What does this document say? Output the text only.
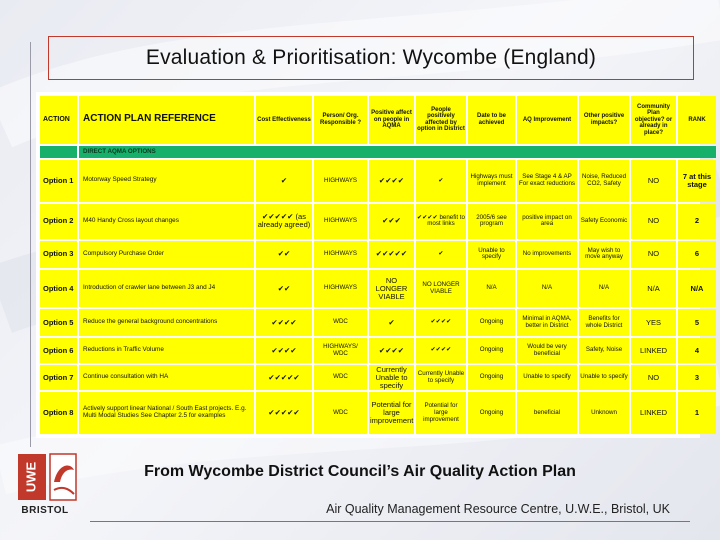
Evaluation & Prioritisation: Wycombe (England)
ACTION	ACTION PLAN REFERENCE	Cost Effectiveness	Person/ Org. Responsible ?	Positive affect on people in AQMA	People positively affected by option in District	Date to be achieved	AQ Improvement	Other positive impacts?	Community Plan objective? or already in place?	RANK
	DIRECT AQMA OPTIONS									
Option 1	Motorway Speed Strategy	✔	HIGHWAYS	✔✔✔✔	✔	Highways must implement	See Stage 4 & AP For exact reductions	Noise, Reduced CO2, Safety	NO	7 at this stage
Option 2	M40 Handy Cross layout changes	✔✔✔✔✔ (as already agreed)	HIGHWAYS	✔✔✔	✔✔✔✔ benefit to most links	2005/6 see program	positive impact on area	Safety Economic	NO	2
Option 3	Compulsory Purchase Order	✔✔	HIGHWAYS	✔✔✔✔✔	✔	Unable to specify	No improvements	May wish to move anyway	NO	6
Option 4	Introduction of crawler lane between J3 and J4	✔✔	HIGHWAYS	NO LONGER VIABLE	NO LONGER VIABLE	N/A	N/A	N/A	N/A	N/A
Option 5	Reduce the general background concentrations	✔✔✔✔	WDC	✔	✔✔✔✔	Ongoing	Minimal in AQMA, better in District	Benefits for whole District	YES	5
Option 6	Reductions in Traffic Volume	✔✔✔✔	HIGHWAYS/ WDC	✔✔✔✔	✔✔✔✔	Ongoing	Would be very beneficial	Safety, Noise	LINKED	4
Option 7	Continue consultation with HA	✔✔✔✔✔	WDC	Currently Unable to specify	Currently Unable to specify	Ongoing	Unable to specify	Unable to specify	NO	3
Option 8	Actively support linear National / South East projects. E.g. Multi Modal Studies See Chapter 2.5 for examples	✔✔✔✔✔	WDC	Potential for large improvement	Potential for large improvement	Ongoing	beneficial	Unknown	LINKED	1
UWE
BRISTOL
From Wycombe District Council’s Air Quality Action Plan
Air Quality Management Resource Centre, U.W.E., Bristol, UK
